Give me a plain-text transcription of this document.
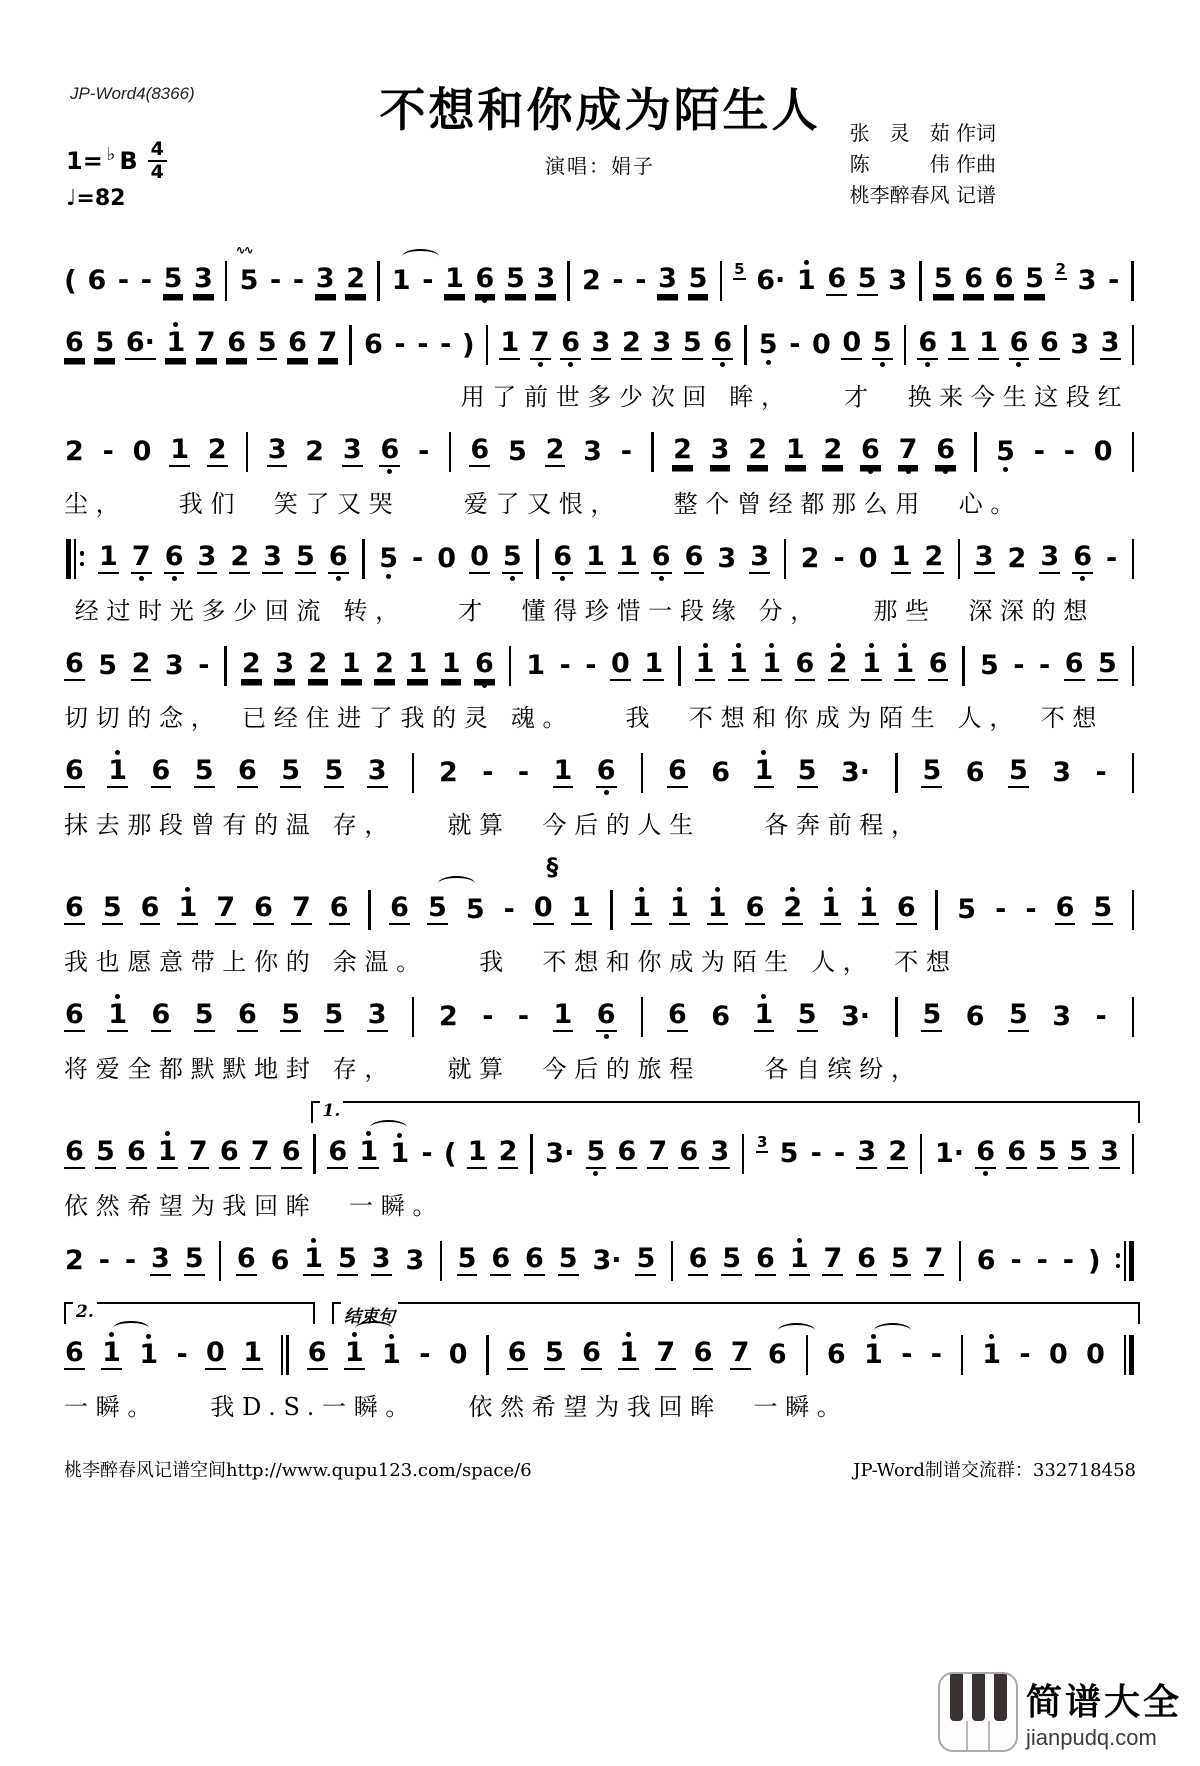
JP-Word4(8366)	不想和你成为陌生人
演唱：娟子
张　灵　茹 作词
陈　　　伟 作曲
桃李醉春风 记谱
1= ♭ B $\frac{4}{4}$
♩=82
( 6 - - 5 3
∿∿
5 - - 3 2 1 - 1 6 5 3 2 - - 3 5 5 6· 1 6 5 3 5 6 6 5 2 3 -
6 5 6· 1 7 6 5 6 7 6 - - - ) 1 7 6 3 2 3 5 6 5 - 0 0 5 6 1 1 6 6 3 3
用了前世多少次回 眸，　　才　换来今生这段红
2 - 0 1 2 3 2 3 6 - 6 5 2 3 - 2 3 2 1 2 6 7 6 5 - - 0
尘，　　我们　笑了又哭　　爱了又恨，　　整个曾经都那么用　心。
1 7 6 3 2 3 5 6 5 - 0 0 5 6 1 1 6 6 3 3 2 - 0 1 2 3 2 3 6 -
经过时光多少回流 转，　　才　懂得珍惜一段缘 分，　　那些　深深的想
6 5 2 3 - 2 3 2 1 2 1 1 6 1 - - 0 1 1 1 1 6 2 1 1 6 5 - - 6 5
切切的念，　已经住进了我的灵 魂。　　我　不想和你成为陌生 人，　不想
6 1 6 5 6 5 5 3 2 - - 1 6 6 6 1 5 3· 5 6 5 3 -
抹去那段曾有的温 存，　　就算　今后的人生　　各奔前程，
§
6 5 6 1 7 6 7 6 6 5 5 - 0 1 1 1 1 6 2 1 1 6 5 - - 6 5
我也愿意带上你的 余温。　　我　不想和你成为陌生 人，　不想
6 1 6 5 6 5 5 3 2 - - 1 6 6 6 1 5 3· 5 6 5 3 -
将爱全都默默地封 存，　　就算　今后的旅程　　各自缤纷，
1.
6 5 6 1 7 6 7 6 6 1 1 - ( 1 2 3· 5 6 7 6 3 3 5 - - 3 2 1· 6 6 5 5 3
依然希望为我回眸　一瞬。
2 - - 3 5 6 6 1 5 3 3 5 6 6 5 3· 5 6 5 6 1 7 6 5 7 6 - - - )
2.	结束句
6 1 1 - 0 1 6 1 1 - 0 6 5 6 1 7 6 7 6 6 1 - - 1 - 0 0
一瞬。　　我D.S.一瞬。　　依然希望为我回眸　一瞬。
桃李醉春风记谱空间http://www.qupu123.com/space/6	JP-Word制谱交流群：332718458
简谱大全
jianpudq.com
